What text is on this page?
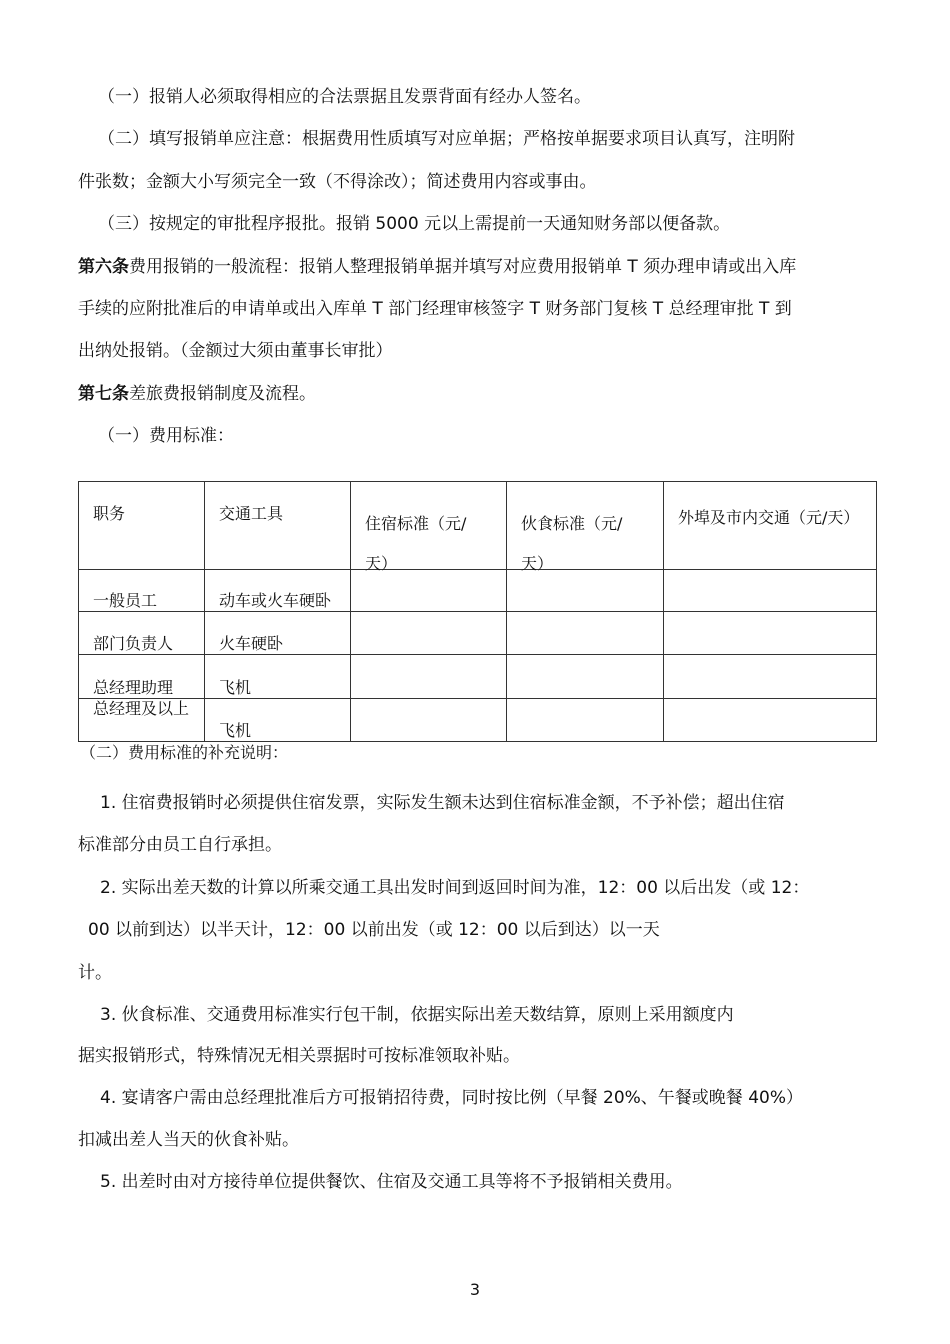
（一）报销人必须取得相应的合法票据且发票背面有经办人签名。
（二）填写报销单应注意：根据费用性质填写对应单据；严格按单据要求项目认真写，注明附
件张数；金额大小写须完全一致（不得涂改）；简述费用内容或事由。
（三）按规定的审批程序报批。报销 5000 元以上需提前一天通知财务部以便备款。
第六条费用报销的一般流程：报销人整理报销单据并填写对应费用报销单 T 须办理申请或出入库
手续的应附批准后的申请单或出入库单 T 部门经理审核签字 T 财务部门复核 T 总经理审批 T 到
出纳处报销。（金额过大须由董事长审批）
第七条差旅费报销制度及流程。
（一）费用标准：
职务	交通工具	住宿标准（元/天）	伙食标准（元/天）	外埠及市内交通（元/天）

一般员工	动车或火车硬卧			

部门负责人	火车硬卧			

总经理助理	飞机			

总经理及以上	飞机			

（二）费用标准的补充说明：
1. 住宿费报销时必须提供住宿发票，实际发生额未达到住宿标准金额，不予补偿；超出住宿
标准部分由员工自行承担。
2. 实际出差天数的计算以所乘交通工具出发时间到返回时间为准，12：00 以后出发（或 12：
00 以前到达）以半天计，12：00 以前出发（或 12：00 以后到达）以一天
计。
3. 伙食标准、交通费用标准实行包干制，依据实际出差天数结算，原则上采用额度内
据实报销形式，特殊情况无相关票据时可按标准领取补贴。
4. 宴请客户需由总经理批准后方可报销招待费，同时按比例（早餐 20%、午餐或晚餐 40%）
扣减出差人当天的伙食补贴。
5. 出差时由对方接待单位提供餐饮、住宿及交通工具等将不予报销相关费用。
3
